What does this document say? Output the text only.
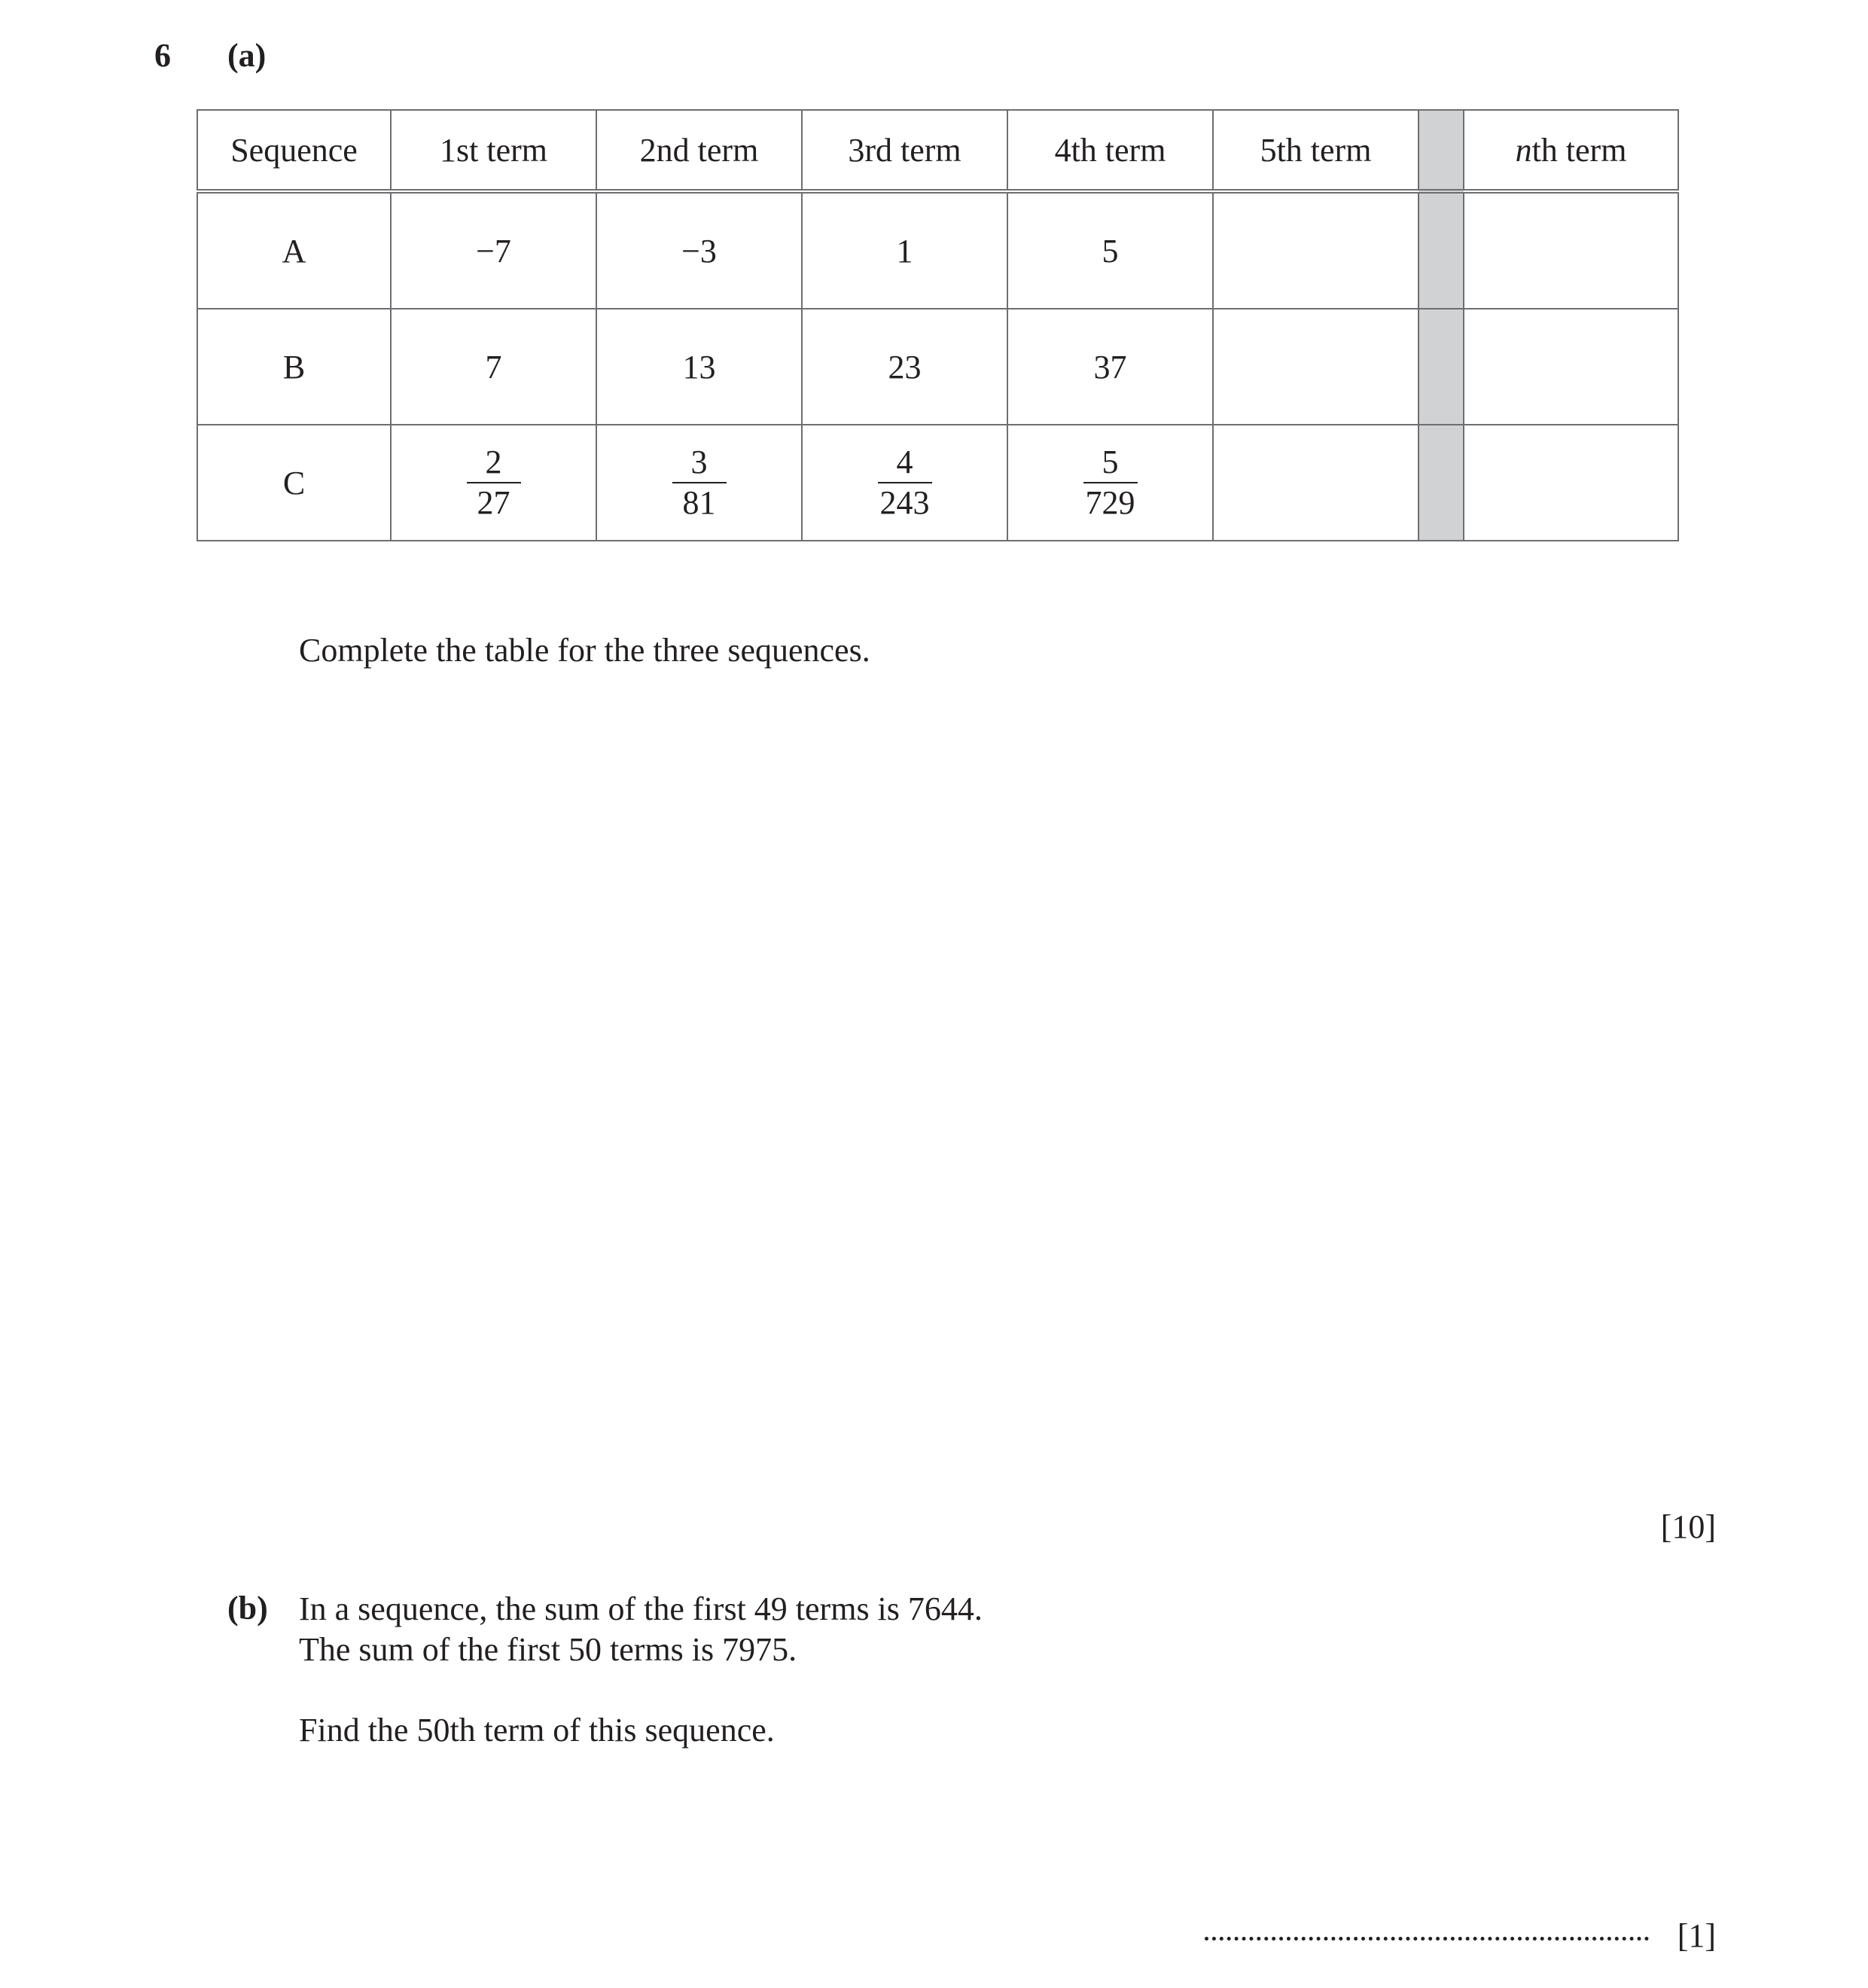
6 (a)
Sequence	1st term	2nd term	3rd term	4th term	5th term		nth term
A	−7	−3	1	5			
B	7	13	23	37			
C	$\frac{2}{27}$	$\frac{3}{81}$	$\frac{4}{243}$	$\frac{5}{729}$

Complete the table for the three sequences.
[10]
(b) In a sequence, the sum of the first 49 terms is 7644.
The sum of the first 50 terms is 7975.
Find the 50th term of this sequence.
[1]
